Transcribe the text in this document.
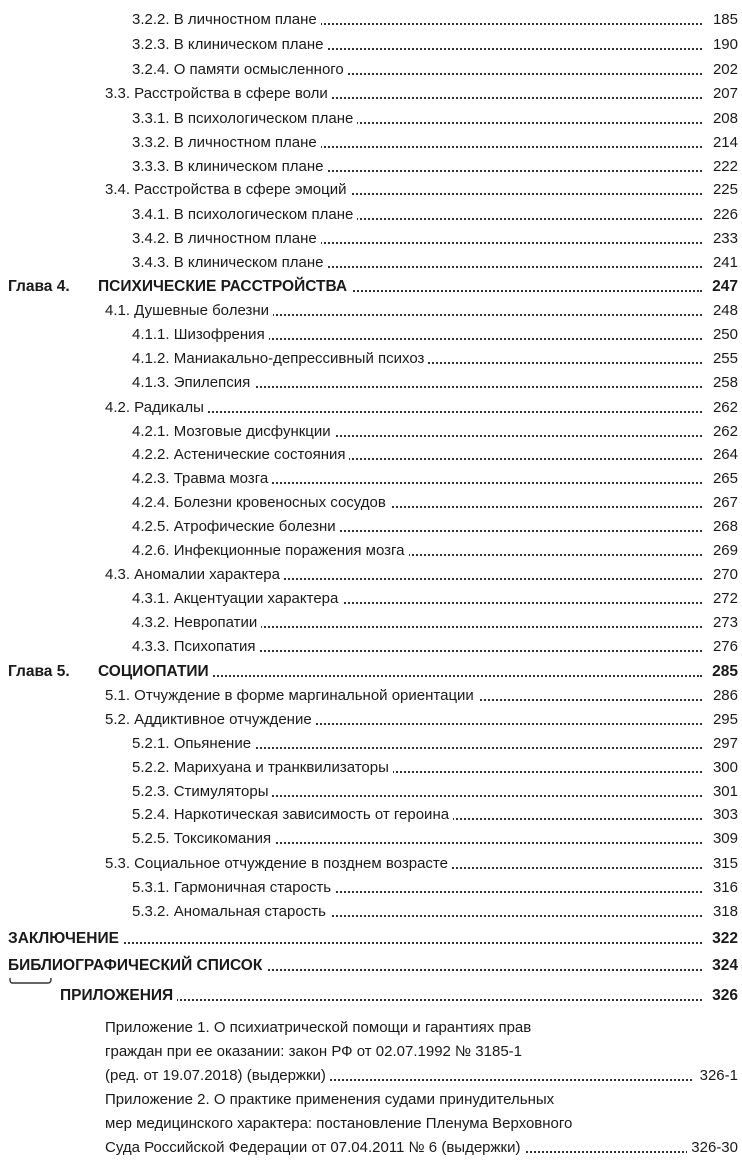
3.2.2. В личностном плане	185
3.2.3. В клиническом плане	190
3.2.4. О памяти осмысленного	202
3.3. Расстройства в сфере воли	207
3.3.1. В психологическом плане	208
3.3.2. В личностном плане	214
3.3.3. В клиническом плане	222
3.4. Расстройства в сфере эмоций	225
3.4.1. В психологическом плане	226
3.4.2. В личностном плане	233
3.4.3. В клиническом плане	241
Глава 4. ПСИХИЧЕСКИЕ РАССТРОЙСТВА	247
4.1. Душевные болезни	248
4.1.1. Шизофрения	250
4.1.2. Маниакально-депрессивный психоз	255
4.1.3. Эпилепсия	258
4.2. Радикалы	262
4.2.1. Мозговые дисфункции	262
4.2.2. Астенические состояния	264
4.2.3. Травма мозга	265
4.2.4. Болезни кровеносных сосудов	267
4.2.5. Атрофические болезни	268
4.2.6. Инфекционные поражения мозга	269
4.3. Аномалии характера	270
4.3.1. Акцентуации характера	272
4.3.2. Невропатии	273
4.3.3. Психопатия	276
Глава 5. СОЦИОПАТИИ	285
5.1. Отчуждение в форме маргинальной ориентации	286
5.2. Аддиктивное отчуждение	295
5.2.1. Опьянение	297
5.2.2. Марихуана и транквилизаторы	300
5.2.3. Стимуляторы	301
5.2.4. Наркотическая зависимость от героина	303
5.2.5. Токсикомания	309
5.3. Социальное отчуждение в позднем возрасте	315
5.3.1. Гармоничная старость	316
5.3.2. Аномальная старость	318
ЗАКЛЮЧЕНИЕ	322
БИБЛИОГРАФИЧЕСКИЙ СПИСОК	324
ПРИЛОЖЕНИЯ	326
Приложение 1. О психиатрической помощи и гарантиях прав
граждан при ее оказании: закон РФ от 02.07.1992 № 3185-1
(ред. от 19.07.2018) (выдержки)	326-1
Приложение 2. О практике применения судами принудительных
мер медицинского характера: постановление Пленума Верховного
Суда Российской Федерации от 07.04.2011 № 6 (выдержки)	326-30
